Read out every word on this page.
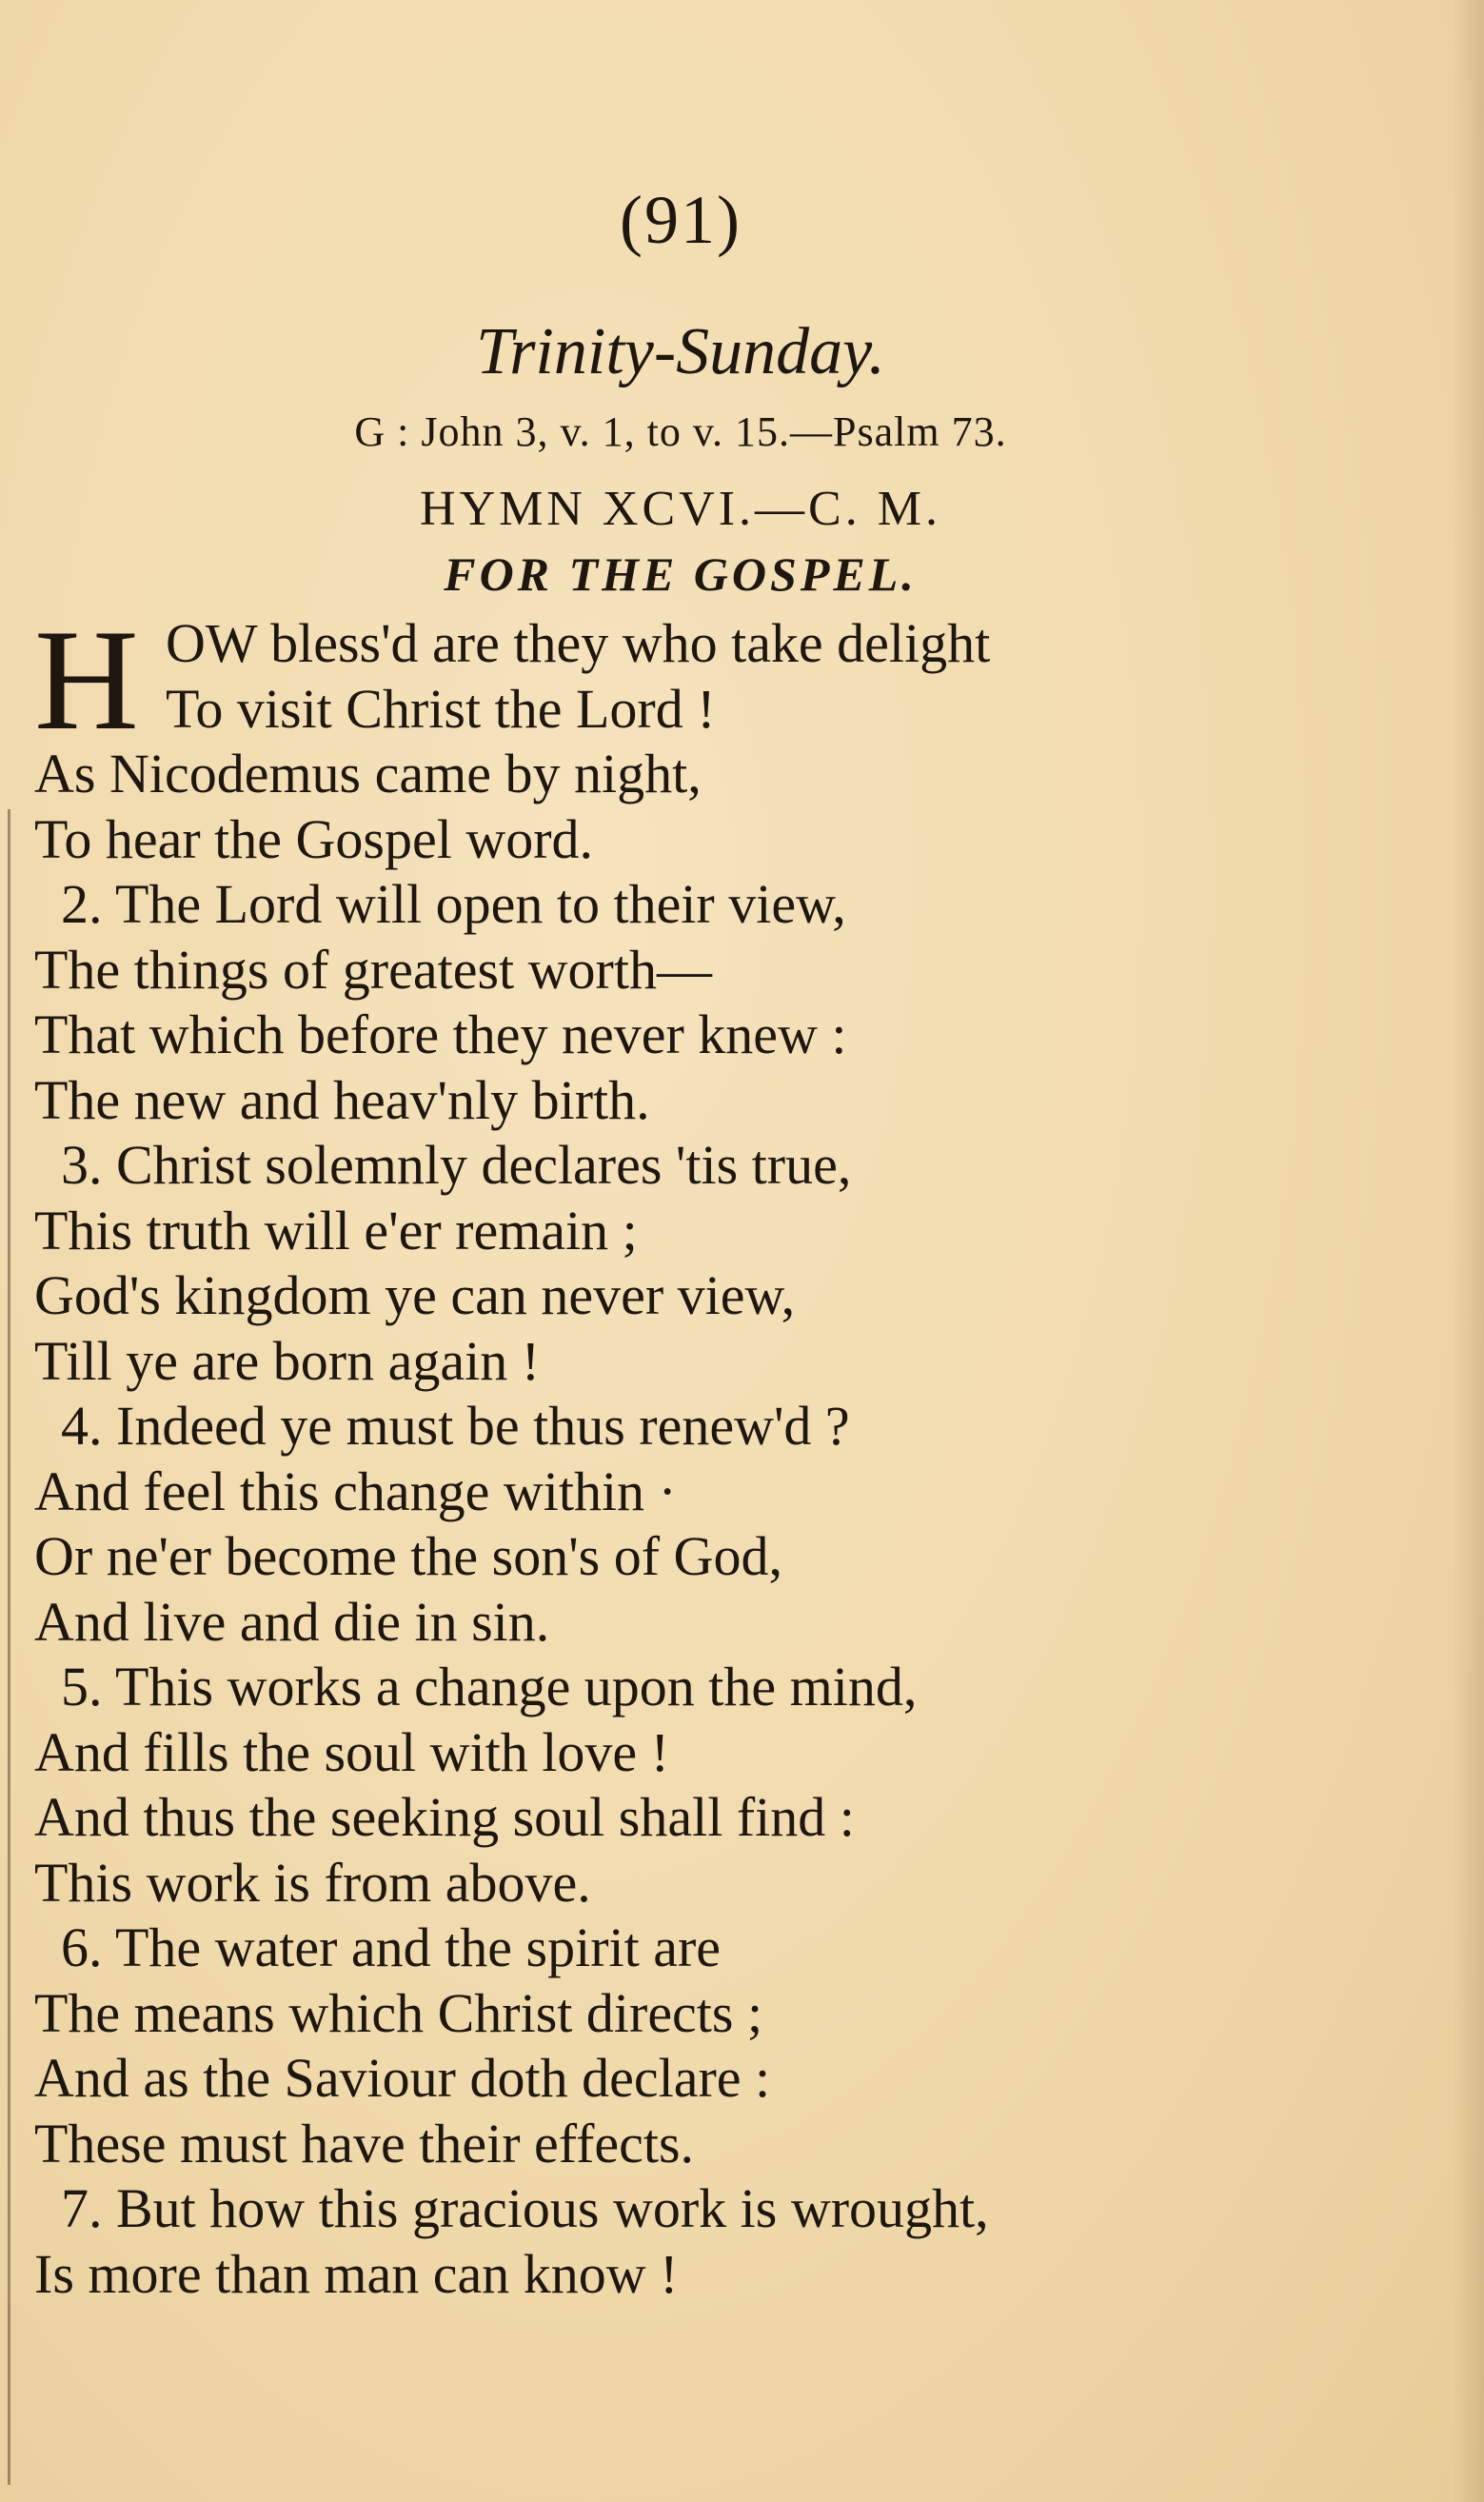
(91)
Trinity-Sunday.
G : John 3, v. 1, to v. 15.—Psalm 73.
HYMN XCVI.—C. M.
FOR THE GOSPEL.
H OW bless'd are they who take delight
To visit Christ the Lord !
As Nicodemus came by night,
To hear the Gospel word.
2. The Lord will open to their view,
The things of greatest worth—
That which before they never knew :
The new and heav'nly birth.
3. Christ solemnly declares 'tis true,
This truth will e'er remain ;
God's kingdom ye can never view,
Till ye are born again !
4. Indeed ye must be thus renew'd ?
And feel this change within ·
Or ne'er become the son's of God,
And live and die in sin.
5. This works a change upon the mind,
And fills the soul with love !
And thus the seeking soul shall find :
This work is from above.
6. The water and the spirit are
The means which Christ directs ;
And as the Saviour doth declare :
These must have their effects.
7. But how this gracious work is wrought,
Is more than man can know !
